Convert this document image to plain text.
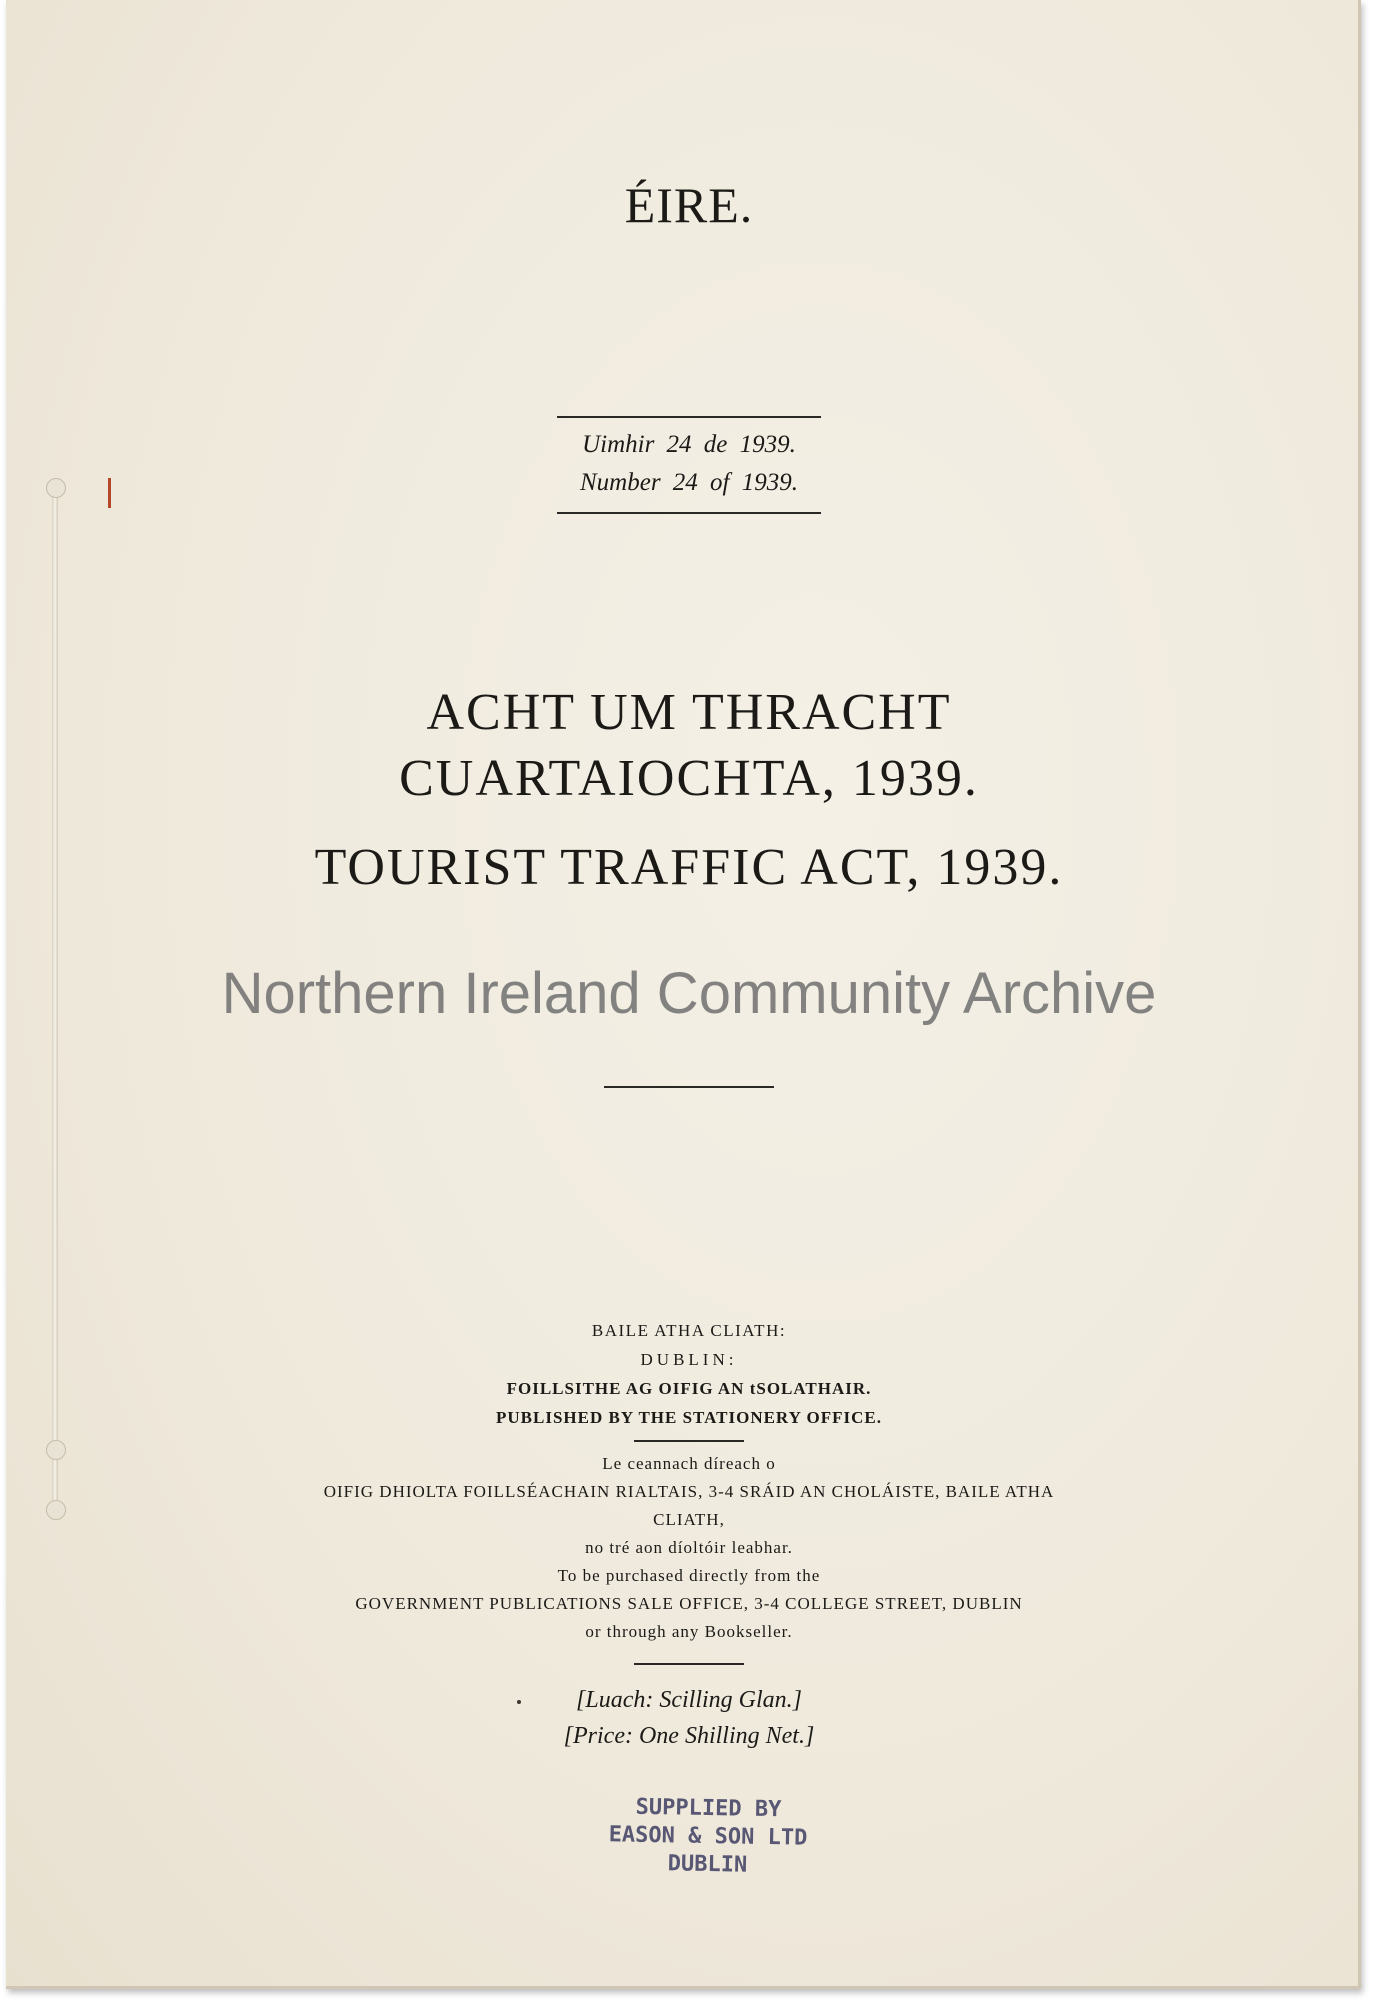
ÉIRE.
Uimhir 24 de 1939.
Number 24 of 1939.
ACHT UM THRACHT
CUARTAIOCHTA, 1939.
TOURIST TRAFFIC ACT, 1939.
Northern Ireland Community Archive
BAILE ATHA CLIATH:
DUBLIN:
FOILLSITHE AG OIFIG AN tSOLATHAIR.
PUBLISHED BY THE STATIONERY OFFICE.
Le ceannach díreach o
OIFIG DHIOLTA FOILLSÉACHAIN RIALTAIS, 3-4 SRÁID AN CHOLÁISTE, BAILE ATHA
CLIATH,
no tré aon díoltóir leabhar.
To be purchased directly from the
GOVERNMENT PUBLICATIONS SALE OFFICE, 3-4 COLLEGE STREET, DUBLIN
or through any Bookseller.
[Luach: Scilling Glan.]
[Price: One Shilling Net.]
SUPPLIED BY
EASON & SON LTD
DUBLIN
